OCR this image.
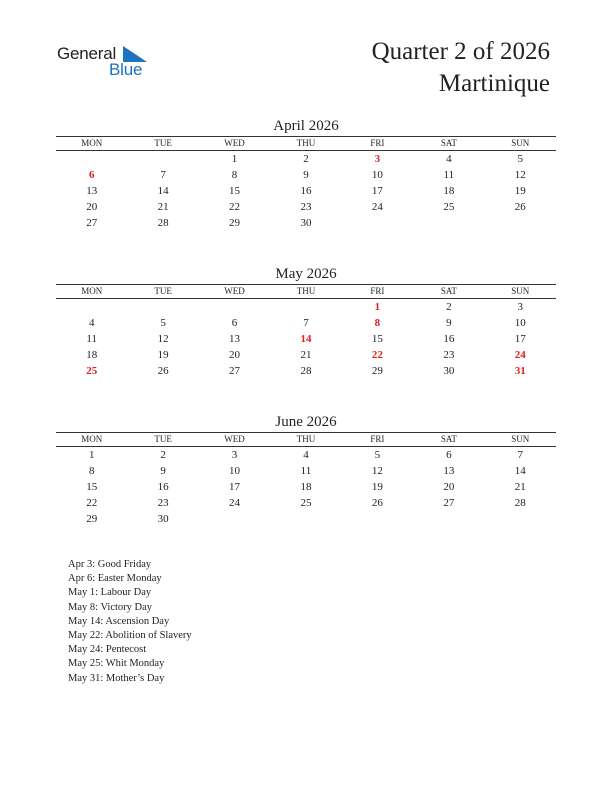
General
Blue
Quarter 2 of 2026
Martinique
April 2026
MON	TUE	WED	THU	FRI	SAT	SUN
		1	2	3	4	5
6	7	8	9	10	11	12
13	14	15	16	17	18	19
20	21	22	23	24	25	26
27	28	29	30			
May 2026
MON	TUE	WED	THU	FRI	SAT	SUN
				1	2	3
4	5	6	7	8	9	10
11	12	13	14	15	16	17
18	19	20	21	22	23	24
25	26	27	28	29	30	31
June 2026
MON	TUE	WED	THU	FRI	SAT	SUN
1	2	3	4	5	6	7
8	9	10	11	12	13	14
15	16	17	18	19	20	21
22	23	24	25	26	27	28
29	30					
Apr 3: Good Friday
Apr 6: Easter Monday
May 1: Labour Day
May 8: Victory Day
May 14: Ascension Day
May 22: Abolition of Slavery
May 24: Pentecost
May 25: Whit Monday
May 31: Mother’s Day
